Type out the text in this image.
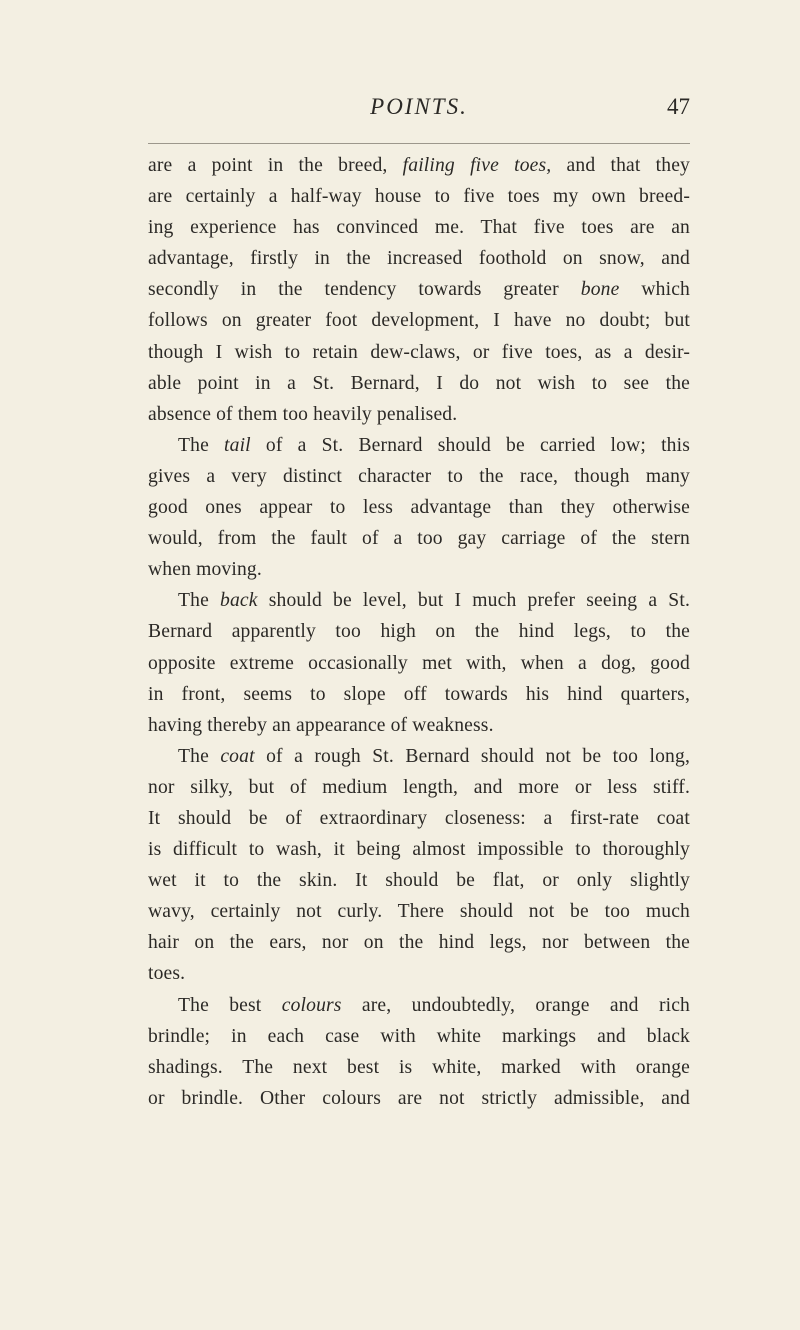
POINTS.	47
are a point in the breed, failing five toes, and that they
are certainly a half-way house to five toes my own breed-
ing experience has convinced me. That five toes are an
advantage, firstly in the increased foothold on snow, and
secondly in the tendency towards greater bone which
follows on greater foot development, I have no doubt; but
though I wish to retain dew-claws, or five toes, as a desir-
able point in a St. Bernard, I do not wish to see the
absence of them too heavily penalised.
The tail of a St. Bernard should be carried low; this
gives a very distinct character to the race, though many
good ones appear to less advantage than they otherwise
would, from the fault of a too gay carriage of the stern
when moving.
The back should be level, but I much prefer seeing a St.
Bernard apparently too high on the hind legs, to the
opposite extreme occasionally met with, when a dog, good
in front, seems to slope off towards his hind quarters,
having thereby an appearance of weakness.
The coat of a rough St. Bernard should not be too long,
nor silky, but of medium length, and more or less stiff.
It should be of extraordinary closeness: a first-rate coat
is difficult to wash, it being almost impossible to thoroughly
wet it to the skin. It should be flat, or only slightly
wavy, certainly not curly. There should not be too much
hair on the ears, nor on the hind legs, nor between the
toes.
The best colours are, undoubtedly, orange and rich
brindle; in each case with white markings and black
shadings. The next best is white, marked with orange
or brindle. Other colours are not strictly admissible, and
